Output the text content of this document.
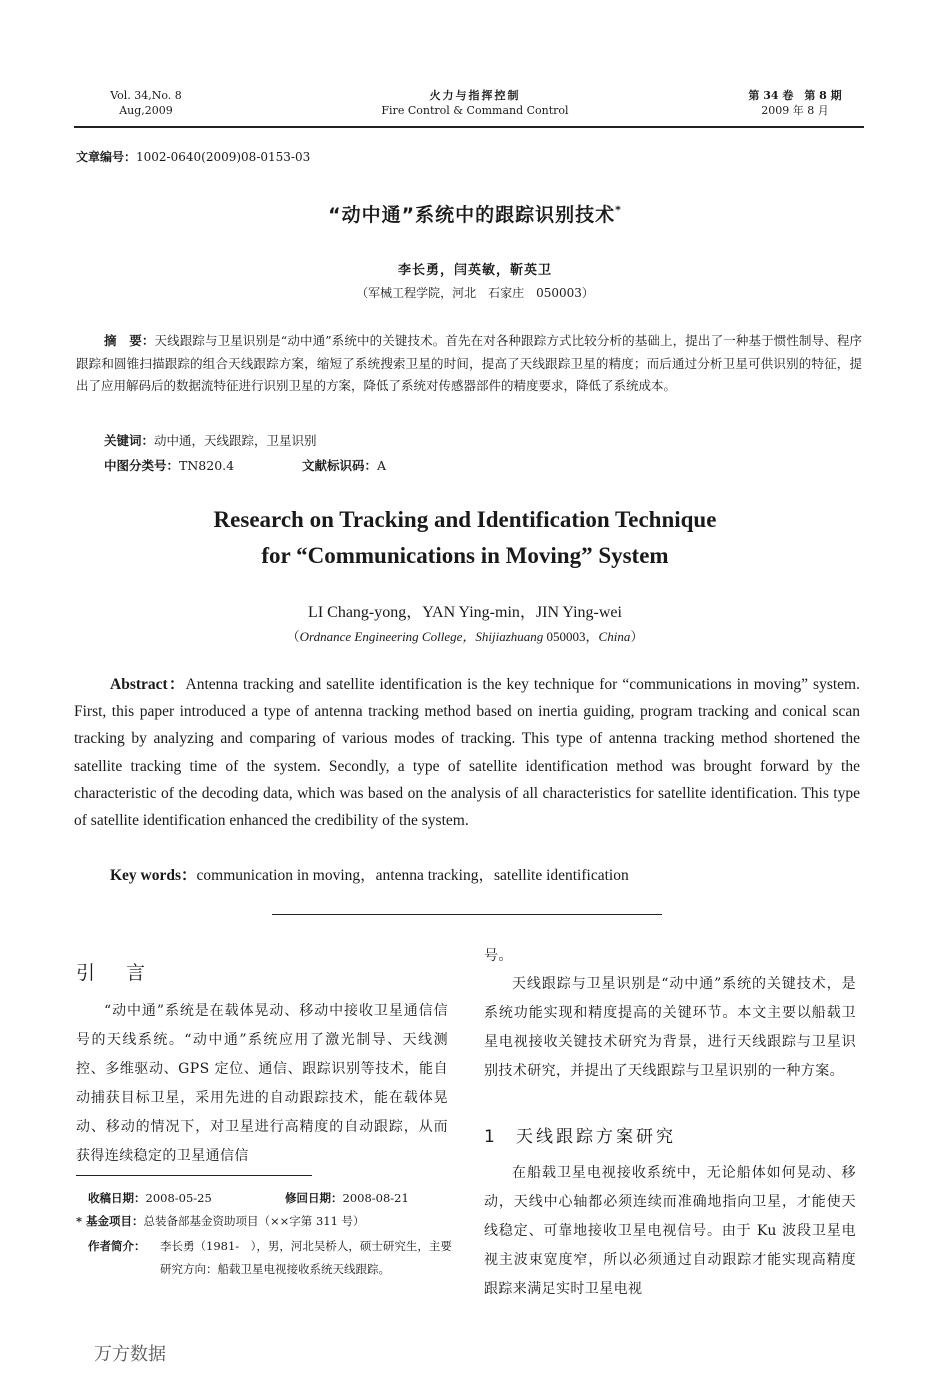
Vol. 34,No. 8
Aug,2009
火力与指挥控制
Fire Control & Command Control
第 34 卷　第 8 期
2009 年 8 月
文章编号：1002-0640(2009)08-0153-03
“动中通”系统中的跟踪识别技术*
李长勇，闫英敏，靳英卫
（军械工程学院，河北　石家庄　050003）
摘　要：天线跟踪与卫星识别是“动中通”系统中的关键技术。首先在对各种跟踪方式比较分析的基础上，提出了一种基于惯性制导、程序跟踪和圆锥扫描跟踪的组合天线跟踪方案，缩短了系统搜索卫星的时间，提高了天线跟踪卫星的精度；而后通过分析卫星可供识别的特征，提出了应用解码后的数据流特征进行识别卫星的方案，降低了系统对传感器部件的精度要求，降低了系统成本。
关键词：动中通，天线跟踪，卫星识别
中图分类号：TN820.4	文献标识码：A
Research on Tracking and Identification Technique
for “Communications in Moving” System
LI Chang-yong，YAN Ying-min，JIN Ying-wei
（Ordnance Engineering College，Shijiazhuang 050003，China）
Abstract：Antenna tracking and satellite identification is the key technique for “communications in moving” system. First, this paper introduced a type of antenna tracking method based on inertia guiding, program tracking and conical scan tracking by analyzing and comparing of various modes of tracking. This type of antenna tracking method shortened the satellite tracking time of the system. Secondly, a type of satellite identification method was brought forward by the characteristic of the decoding data, which was based on the analysis of all characteristics for satellite identification. This type of satellite identification enhanced the credibility of the system.
Key words：communication in moving，antenna tracking，satellite identification
引　言
“动中通”系统是在载体晃动、移动中接收卫星通信信号的天线系统。“动中通”系统应用了激光制导、天线测控、多维驱动、GPS 定位、通信、跟踪识别等技术，能自动捕获目标卫星，采用先进的自动跟踪技术，能在载体晃动、移动的情况下，对卫星进行高精度的自动跟踪，从而获得连续稳定的卫星通信信
收稿日期：2008-05-25	修回日期：2008-08-21
* 基金项目：总装备部基金资助项目（××字第 311 号）
作者简介： 李长勇（1981-　），男，河北吴桥人，硕士研究生，主要研究方向：船载卫星电视接收系统天线跟踪。
号。
天线跟踪与卫星识别是“动中通”系统的关键技术，是系统功能实现和精度提高的关键环节。本文主要以船载卫星电视接收关键技术研究为背景，进行天线跟踪与卫星识别技术研究，并提出了天线跟踪与卫星识别的一种方案。
1 天线跟踪方案研究
在船载卫星电视接收系统中，无论船体如何晃动、移动，天线中心轴都必须连续而准确地指向卫星，才能使天线稳定、可靠地接收卫星电视信号。由于 Ku 波段卫星电视主波束宽度窄，所以必须通过自动跟踪才能实现高精度跟踪来满足实时卫星电视
万方数据
